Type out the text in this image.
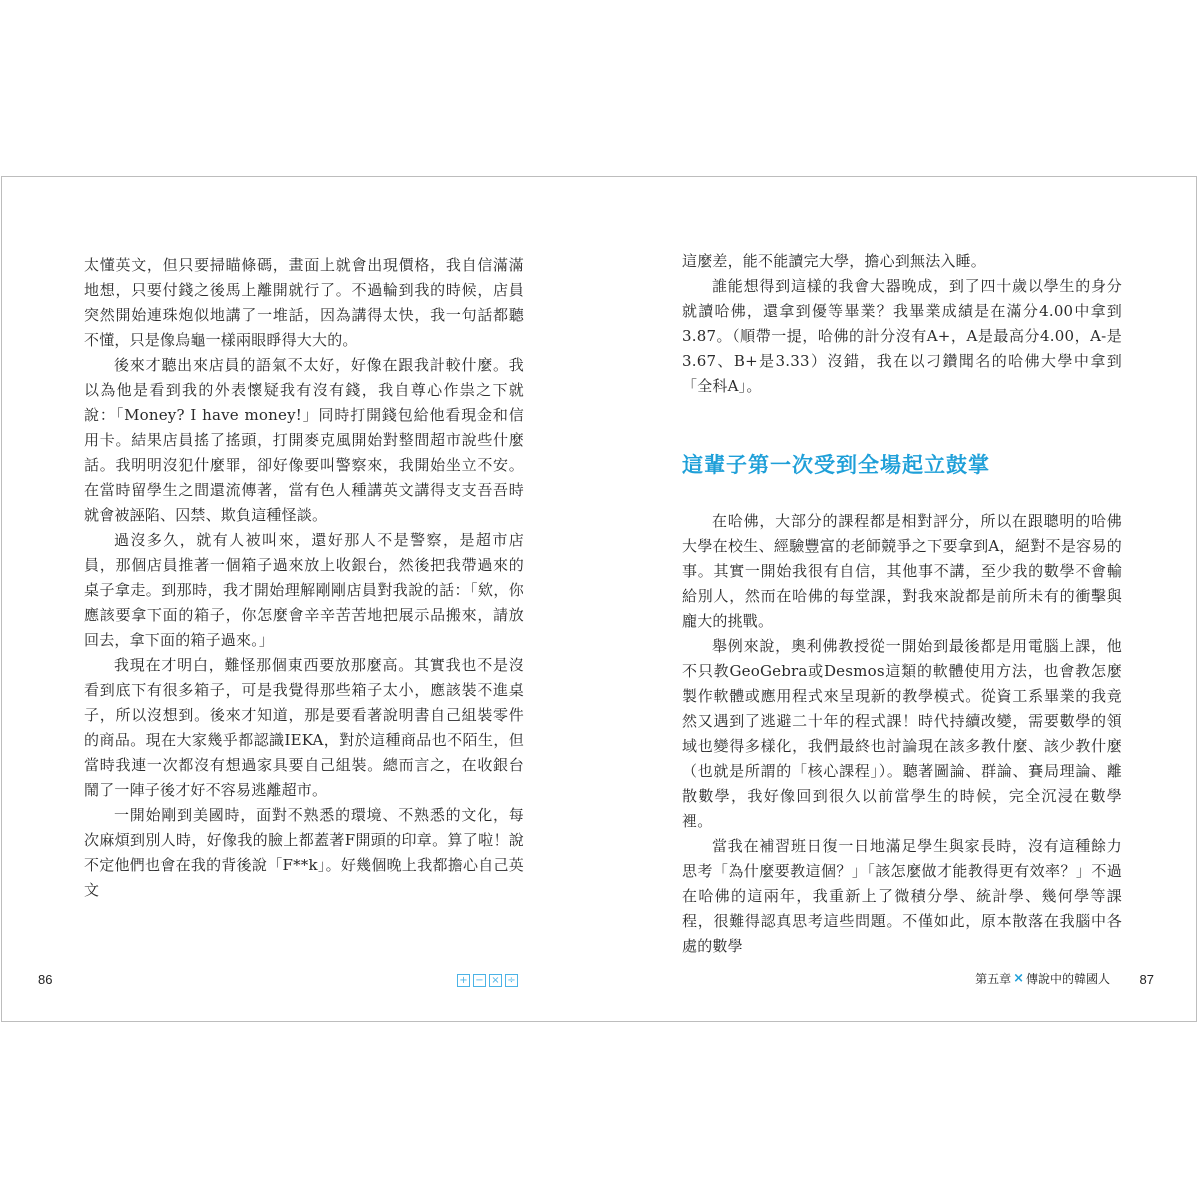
太懂英文，但只要掃瞄條碼，畫面上就會出現價格，我自信滿滿地想，只要付錢之後馬上離開就行了。不過輪到我的時候，店員突然開始連珠炮似地講了一堆話，因為講得太快，我一句話都聽不懂，只是像烏龜一樣兩眼睜得大大的。

後來才聽出來店員的語氣不太好，好像在跟我計較什麼。我以為他是看到我的外表懷疑我有沒有錢，我自尊心作祟之下就說：「Money? I have money!」同時打開錢包給他看現金和信用卡。結果店員搖了搖頭，打開麥克風開始對整間超市說些什麼話。我明明沒犯什麼罪，卻好像要叫警察來，我開始坐立不安。在當時留學生之間還流傳著，當有色人種講英文講得支支吾吾時就會被誣陷、囚禁、欺負這種怪談。

過沒多久，就有人被叫來，還好那人不是警察，是超市店員，那個店員推著一個箱子過來放上收銀台，然後把我帶過來的桌子拿走。到那時，我才開始理解剛剛店員對我說的話：「欸，你應該要拿下面的箱子，你怎麼會辛辛苦苦地把展示品搬來，請放回去，拿下面的箱子過來。」

我現在才明白，難怪那個東西要放那麼高。其實我也不是沒看到底下有很多箱子，可是我覺得那些箱子太小，應該裝不進桌子，所以沒想到。後來才知道，那是要看著說明書自己組裝零件的商品。現在大家幾乎都認識IEKA，對於這種商品也不陌生，但當時我連一次都沒有想過家具要自己組裝。總而言之，在收銀台鬧了一陣子後才好不容易逃離超市。

一開始剛到美國時，面對不熟悉的環境、不熟悉的文化，每次麻煩到別人時，好像我的臉上都蓋著F開頭的印章。算了啦！說不定他們也會在我的背後說「F**k」。好幾個晚上我都擔心自己英文

86	+ − × ÷

這麼差，能不能讀完大學，擔心到無法入睡。

誰能想得到這樣的我會大器晚成，到了四十歲以學生的身分就讀哈佛，還拿到優等畢業？我畢業成績是在滿分4.00中拿到3.87。（順帶一提，哈佛的計分沒有A+，A是最高分4.00，A-是3.67、B+是3.33）沒錯，我在以刁鑽聞名的哈佛大學中拿到「全科A」。

這輩子第一次受到全場起立鼓掌

在哈佛，大部分的課程都是相對評分，所以在跟聰明的哈佛大學在校生、經驗豐富的老師競爭之下要拿到A，絕對不是容易的事。其實一開始我很有自信，其他事不講，至少我的數學不會輸給別人，然而在哈佛的每堂課，對我來說都是前所未有的衝擊與龐大的挑戰。

舉例來說，奧利佛教授從一開始到最後都是用電腦上課，他不只教GeoGebra或Desmos這類的軟體使用方法，也會教怎麼製作軟體或應用程式來呈現新的教學模式。從資工系畢業的我竟然又遇到了逃避二十年的程式課！時代持續改變，需要數學的領域也變得多樣化，我們最終也討論現在該多教什麼、該少教什麼（也就是所謂的「核心課程」）。聽著圖論、群論、賽局理論、離散數學，我好像回到很久以前當學生的時候，完全沉浸在數學裡。

當我在補習班日復一日地滿足學生與家長時，沒有這種餘力思考「為什麼要教這個？」「該怎麼做才能教得更有效率？」不過在哈佛的這兩年，我重新上了微積分學、統計學、幾何學等課程，很難得認真思考這些問題。不僅如此，原本散落在我腦中各處的數學

第五章 × 傳說中的韓國人 87
